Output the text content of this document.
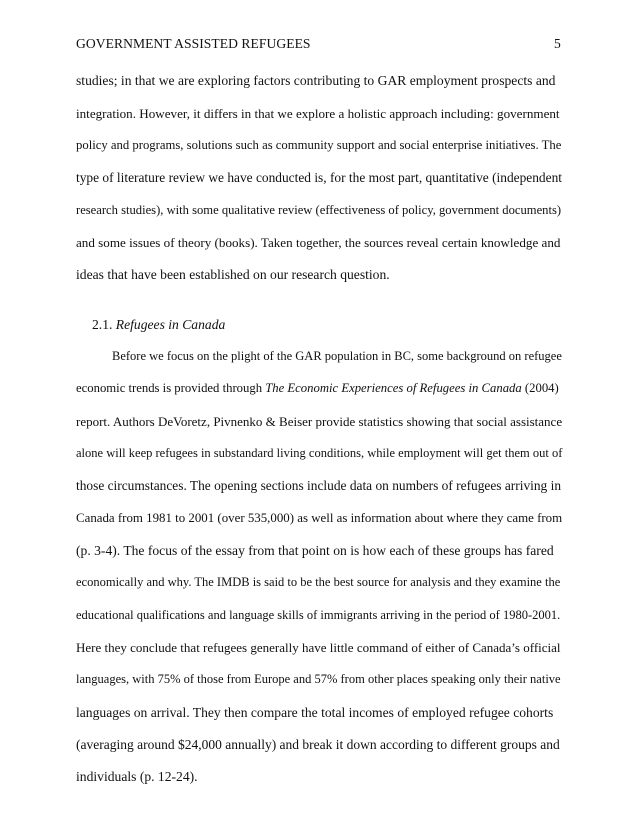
GOVERNMENT ASSISTED REFUGEES	5
studies; in that we are exploring factors contributing to GAR employment prospects and
integration. However, it differs in that we explore a holistic approach including: government
policy and programs, solutions such as community support and social enterprise initiatives. The
type of literature review we have conducted is, for the most part, quantitative (independent
research studies), with some qualitative review (effectiveness of policy, government documents)
and some issues of theory (books). Taken together, the sources reveal certain knowledge and
ideas that have been established on our research question.
2.1. Refugees in Canada
Before we focus on the plight of the GAR population in BC, some background on refugee
economic trends is provided through The Economic Experiences of Refugees in Canada (2004)
report. Authors DeVoretz, Pivnenko & Beiser provide statistics showing that social assistance
alone will keep refugees in substandard living conditions, while employment will get them out of
those circumstances. The opening sections include data on numbers of refugees arriving in
Canada from 1981 to 2001 (over 535,000) as well as information about where they came from
(p. 3-4). The focus of the essay from that point on is how each of these groups has fared
economically and why. The IMDB is said to be the best source for analysis and they examine the
educational qualifications and language skills of immigrants arriving in the period of 1980-2001.
Here they conclude that refugees generally have little command of either of Canada’s official
languages, with 75% of those from Europe and 57% from other places speaking only their native
languages on arrival. They then compare the total incomes of employed refugee cohorts
(averaging around $24,000 annually) and break it down according to different groups and
individuals (p. 12-24).
